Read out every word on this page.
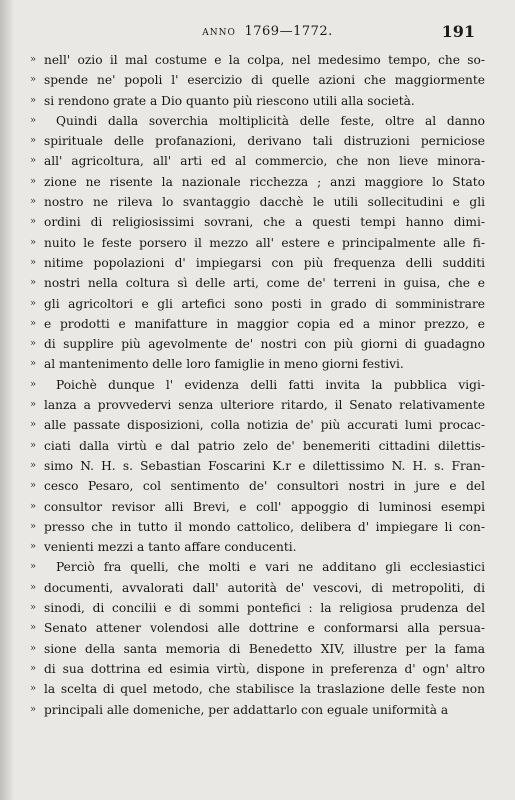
ANNO 1769—1772.	191
» nell' ozio il mal costume e la colpa, nel medesimo tempo, che so-
» spende ne' popoli l' esercizio di quelle azioni che maggiormente
» si rendono grate a Dio quanto più riescono utili alla società.
»	Quindi dalla soverchia moltiplicità delle feste, oltre al danno
» spirituale delle profanazioni, derivano tali distruzioni perniciose
» all' agricoltura, all' arti ed al commercio, che non lieve minora-
» zione ne risente la nazionale ricchezza ; anzi maggiore lo Stato
» nostro ne rileva lo svantaggio dacchè le utili sollecitudini e gli
» ordini di religiosissimi sovrani, che a questi tempi hanno dimi-
» nuito le feste porsero il mezzo all' estere e principalmente alle fi-
» nitime popolazioni d' impiegarsi con più frequenza delli sudditi
» nostri nella coltura sì delle arti, come de' terreni in guisa, che e
» gli agricoltori e gli artefici sono posti in grado di somministrare
» e prodotti e manifatture in maggior copia ed a minor prezzo, e
» di supplire più agevolmente de' nostri con più giorni di guadagno
» al mantenimento delle loro famiglie in meno giorni festivi.
»	Poichè dunque l' evidenza delli fatti invita la pubblica vigi-
» lanza a provvedervi senza ulteriore ritardo, il Senato relativamente
» alle passate disposizioni, colla notizia de' più accurati lumi procac-
» ciati dalla virtù e dal patrio zelo de' benemeriti cittadini dilettis-
» simo N. H. s. Sebastian Foscarini K.r e dilettissimo N. H. s. Fran-
» cesco Pesaro, col sentimento de' consultori nostri in jure e del
» consultor revisor alli Brevi, e coll' appoggio di luminosi esempi
» presso che in tutto il mondo cattolico, delibera d' impiegare li con-
» venienti mezzi a tanto affare conducenti.
»	Perciò fra quelli, che molti e vari ne additano gli ecclesiastici
» documenti, avvalorati dall' autorità de' vescovi, di metropoliti, di
» sinodi, di concilii e di sommi pontefici : la religiosa prudenza del
» Senato attener volendosi alle dottrine e conformarsi alla persua-
» sione della santa memoria di Benedetto XIV, illustre per la fama
» di sua dottrina ed esimia virtù, dispone in preferenza d' ogn' altro
» la scelta di quel metodo, che stabilisce la traslazione delle feste non
» principali alle domeniche, per addattarlo con eguale uniformità a
